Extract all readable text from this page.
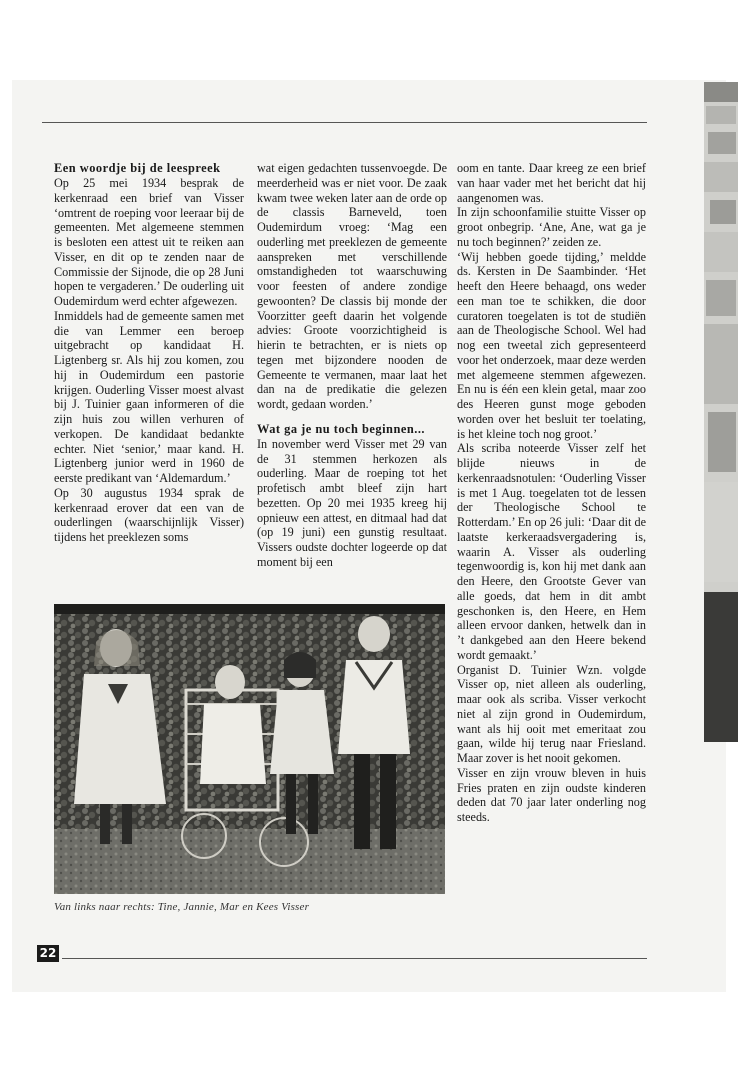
Een woordje bij de leespreek

Op 25 mei 1934 besprak de kerkenraad een brief van Visser ‘omtrent de roeping voor leeraar bij de gemeenten. Met algemeene stemmen is besloten een attest uit te reiken aan Visser, en dit op te zenden naar de Commissie der Sijnode, die op 28 Juni hopen te vergaderen.’ De ouderling uit Oudemirdum werd echter afgewezen.

Inmiddels had de gemeente samen met die van Lemmer een beroep uitgebracht op kandidaat H. Ligtenberg sr. Als hij zou komen, zou hij in Oudemirdum een pastorie krijgen. Ouderling Visser moest alvast bij J. Tuinier gaan informeren of die zijn huis zou willen verhuren of verkopen. De kandidaat bedankte echter. Niet ‘senior,’ maar kand. H. Ligtenberg junior werd in 1960 de eerste predikant van ‘Aldemardum.’

Op 30 augustus 1934 sprak de kerkenraad erover dat een van de ouderlingen (waarschijnlijk Visser) tijdens het preeklezen soms

wat eigen gedachten tussenvoegde. De meerderheid was er niet voor. De zaak kwam twee weken later aan de orde op de classis Barneveld, toen Oudemirdum vroeg: ‘Mag een ouderling met preeklezen de gemeente aanspreken met verschillende omstandigheden tot waarschuwing voor feesten of andere zondige gewoonten? De classis bij monde der Voorzitter geeft daarin het volgende advies: Groote voorzichtigheid is hierin te betrachten, er is niets op tegen met bijzondere nooden de Gemeente te vermanen, maar laat het dan na de predikatie die gelezen wordt, gedaan worden.’

Wat ga je nu toch beginnen...

In november werd Visser met 29 van de 31 stemmen herkozen als ouderling. Maar de roeping tot het profetisch ambt bleef zijn hart bezetten. Op 20 mei 1935 kreeg hij opnieuw een attest, en ditmaal had dat (op 19 juni) een gunstig resultaat. Vissers oudste dochter logeerde op dat moment bij een

oom en tante. Daar kreeg ze een brief van haar vader met het bericht dat hij aangenomen was.

In zijn schoonfamilie stuitte Visser op groot onbegrip. ‘Ane, Ane, wat ga je nu toch beginnen?’ zeiden ze.

‘Wij hebben goede tijding,’ meldde ds. Kersten in De Saambinder. ‘Het heeft den Heere behaagd, ons weder een man toe te schikken, die door curatoren toegelaten is tot de studiën aan de Theologische School. Wel had nog een tweetal zich gepresenteerd voor het onderzoek, maar deze werden met algemeene stemmen afgewezen. En nu is één een klein getal, maar zoo des Heeren gunst moge geboden worden over het besluit ter toelating, is het kleine toch nog groot.’

Als scriba noteerde Visser zelf het blijde nieuws in de kerkenraadsnotulen: ‘Ouderling Visser is met 1 Aug. toegelaten tot de lessen der Theologische School te Rotterdam.’ En op 26 juli: ‘Daar dit de laatste kerkeraadsvergadering is, waarin A. Visser als ouderling tegenwoordig is, kon hij met dank aan den Heere, den Grootste Gever van alle goeds, dat hem in dit ambt geschonken is, den Heere, en Hem alleen ervoor danken, hetwelk dan in ’t dankgebed aan den Heere bekend wordt gemaakt.’

Organist D. Tuinier Wzn. volgde Visser op, niet alleen als ouderling, maar ook als scriba. Visser verkocht niet al zijn grond in Oudemirdum, want als hij ooit met emeritaat zou gaan, wilde hij terug naar Friesland. Maar zover is het nooit gekomen.

Visser en zijn vrouw bleven in huis Fries praten en zijn oudste kinderen deden dat 70 jaar later onderling nog steeds.

Van links naar rechts: Tine, Jannie, Mar en Kees Visser
22
